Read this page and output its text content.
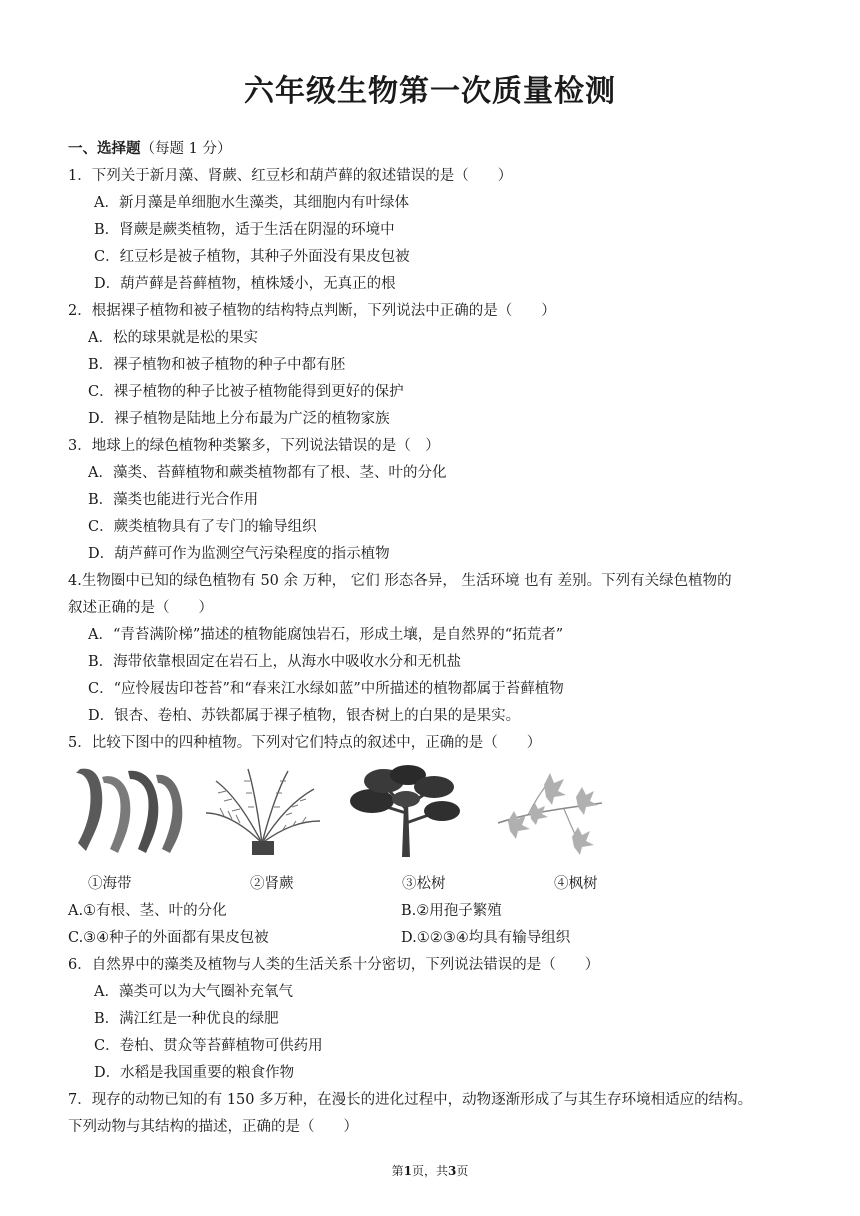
六年级生物第一次质量检测
一、选择题（每题 1 分）
1．下列关于新月藻、肾蕨、红豆杉和葫芦藓的叙述错误的是（　　）
A．新月藻是单细胞水生藻类，其细胞内有叶绿体
B．肾蕨是蕨类植物，适于生活在阴湿的环境中
C．红豆杉是被子植物，其种子外面没有果皮包被
D．葫芦藓是苔藓植物，植株矮小，无真正的根
2．根据裸子植物和被子植物的结构特点判断，下列说法中正确的是（　　）
A．松的球果就是松的果实
B．裸子植物和被子植物的种子中都有胚
C．裸子植物的种子比被子植物能得到更好的保护
D．裸子植物是陆地上分布最为广泛的植物家族
3．地球上的绿色植物种类繁多，下列说法错误的是（　）
A．藻类、苔藓植物和蕨类植物都有了根、茎、叶的分化
B．藻类也能进行光合作用
C．蕨类植物具有了专门的输导组织
D．葫芦藓可作为监测空气污染程度的指示植物
4.生物圈中已知的绿色植物有 50 余 万种， 它们 形态各异， 生活环境 也有 差别。下列有关绿色植物的
叙述正确的是（　　）
A．“青苔满阶梯”描述的植物能腐蚀岩石，形成土壤，是自然界的“拓荒者”
B．海带依靠根固定在岩石上，从海水中吸收水分和无机盐
C．“应怜屐齿印苍苔”和“春来江水绿如蓝”中所描述的植物都属于苔藓植物
D．银杏、卷柏、苏铁都属于裸子植物，银杏树上的白果的是果实。
5．比较下图中的四种植物。下列对它们特点的叙述中，正确的是（　　）
①海带	②肾蕨	③松树	④枫树
A.①有根、茎、叶的分化	B.②用孢子繁殖
C.③④种子的外面都有果皮包被	D.①②③④均具有输导组织
6．自然界中的藻类及植物与人类的生活关系十分密切，下列说法错误的是（　　）
A．藻类可以为大气圈补充氧气
B．满江红是一种优良的绿肥
C．卷柏、贯众等苔藓植物可供药用
D．水稻是我国重要的粮食作物
7．现存的动物已知的有 150 多万种，在漫长的进化过程中，动物逐渐形成了与其生存环境相适应的结构。
下列动物与其结构的描述，正确的是（　　）
第1页，共3页
